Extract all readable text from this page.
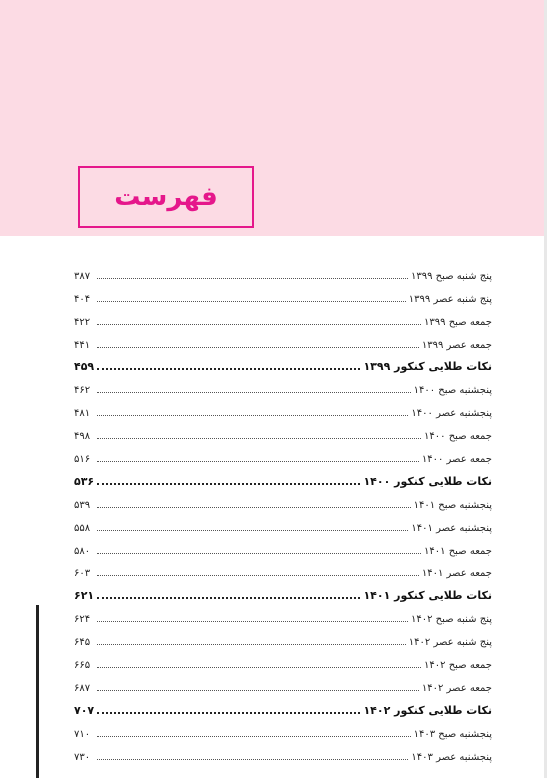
فهرست
پنج شنبه صبح ۱۳۹۹
۳۸۷
پنج شنبه عصر ۱۳۹۹
۴۰۴
جمعه صبح ۱۳۹۹
۴۲۲
جمعه عصر ۱۳۹۹
۴۴۱
نکات طلایی کنکور ۱۳۹۹
۴۵۹
پنجشنبه صبح ۱۴۰۰
۴۶۲
پنجشنبه عصر ۱۴۰۰
۴۸۱
جمعه صبح ۱۴۰۰
۴۹۸
جمعه عصر ۱۴۰۰
۵۱۶
نکات طلایی کنکور ۱۴۰۰
۵۳۶
پنجشنبه صبح ۱۴۰۱
۵۳۹
پنجشنبه عصر ۱۴۰۱
۵۵۸
جمعه صبح ۱۴۰۱
۵۸۰
جمعه عصر ۱۴۰۱
۶۰۳
نکات طلایی کنکور ۱۴۰۱
۶۲۱
پنج شنبه صبح ۱۴۰۲
۶۲۴
پنج شنبه عصر ۱۴۰۲
۶۴۵
جمعه صبح ۱۴۰۲
۶۶۵
جمعه عصر ۱۴۰۲
۶۸۷
نکات طلایی کنکور ۱۴۰۲
۷۰۷
پنجشنبه صبح ۱۴۰۳
۷۱۰
پنجشنبه عصر ۱۴۰۳
۷۳۰
